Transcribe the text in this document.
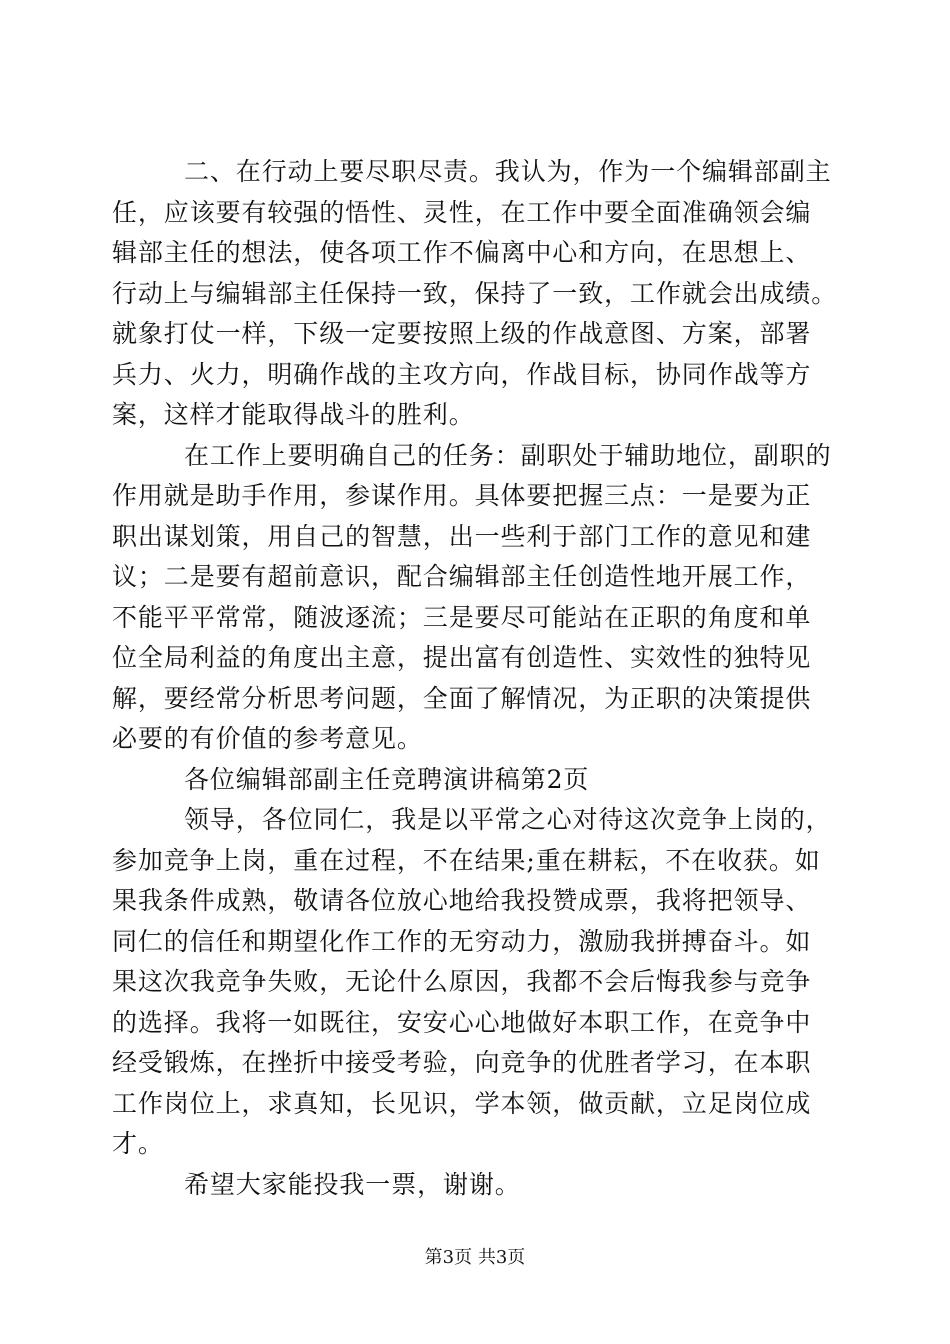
二、在行动上要尽职尽责。我认为，作为一个编辑部副主
任，应该要有较强的悟性、灵性，在工作中要全面准确领会编
辑部主任的想法，使各项工作不偏离中心和方向，在思想上、
行动上与编辑部主任保持一致，保持了一致，工作就会出成绩。
就象打仗一样，下级一定要按照上级的作战意图、方案，部署
兵力、火力，明确作战的主攻方向，作战目标，协同作战等方
案，这样才能取得战斗的胜利。
在工作上要明确自己的任务：副职处于辅助地位，副职的
作用就是助手作用，参谋作用。具体要把握三点：一是要为正
职出谋划策，用自己的智慧，出一些利于部门工作的意见和建
议；二是要有超前意识，配合编辑部主任创造性地开展工作，
不能平平常常，随波逐流；三是要尽可能站在正职的角度和单
位全局利益的角度出主意，提出富有创造性、实效性的独特见
解，要经常分析思考问题，全面了解情况，为正职的决策提供
必要的有价值的参考意见。
各位编辑部副主任竞聘演讲稿第2页
领导，各位同仁，我是以平常之心对待这次竞争上岗的，
参加竞争上岗，重在过程，不在结果;重在耕耘，不在收获。如
果我条件成熟，敬请各位放心地给我投赞成票，我将把领导、
同仁的信任和期望化作工作的无穷动力，激励我拼搏奋斗。如
果这次我竞争失败，无论什么原因，我都不会后悔我参与竞争
的选择。我将一如既往，安安心心地做好本职工作，在竞争中
经受锻炼，在挫折中接受考验，向竞争的优胜者学习，在本职
工作岗位上，求真知，长见识，学本领，做贡献，立足岗位成
才。
希望大家能投我一票，谢谢。
第3页 共3页
